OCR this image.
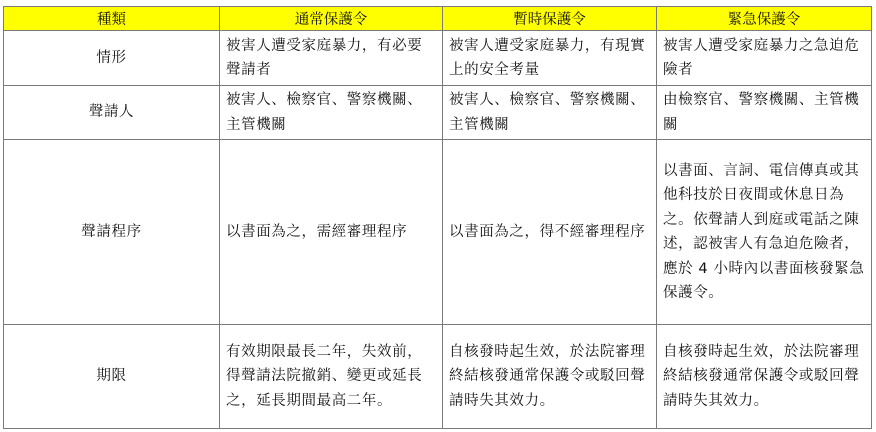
種類	通常保護令	暫時保護令	緊急保護令
情形	被害人遭受家庭暴力，有必要聲請者	被害人遭受家庭暴力，有現實上的安全考量	被害人遭受家庭暴力之急迫危險者
聲請人	被害人、檢察官、警察機關、主管機關	被害人、檢察官、警察機關、主管機關	由檢察官、警察機關、主管機關
聲請程序	以書面為之，需經審理程序	以書面為之，得不經審理程序	以書面、言詞、電信傳真或其他科技於日夜間或休息日為之。依聲請人到庭或電話之陳述，認被害人有急迫危險者，應於 4 小時內以書面核發緊急保護令。
期限	有效期限最長二年，失效前，得聲請法院撤銷、變更或延長之，延長期間最高二年。	自核發時起生效，於法院審理終結核發通常保護令或駁回聲請時失其效力。	自核發時起生效，於法院審理終結核發通常保護令或駁回聲請時失其效力。
